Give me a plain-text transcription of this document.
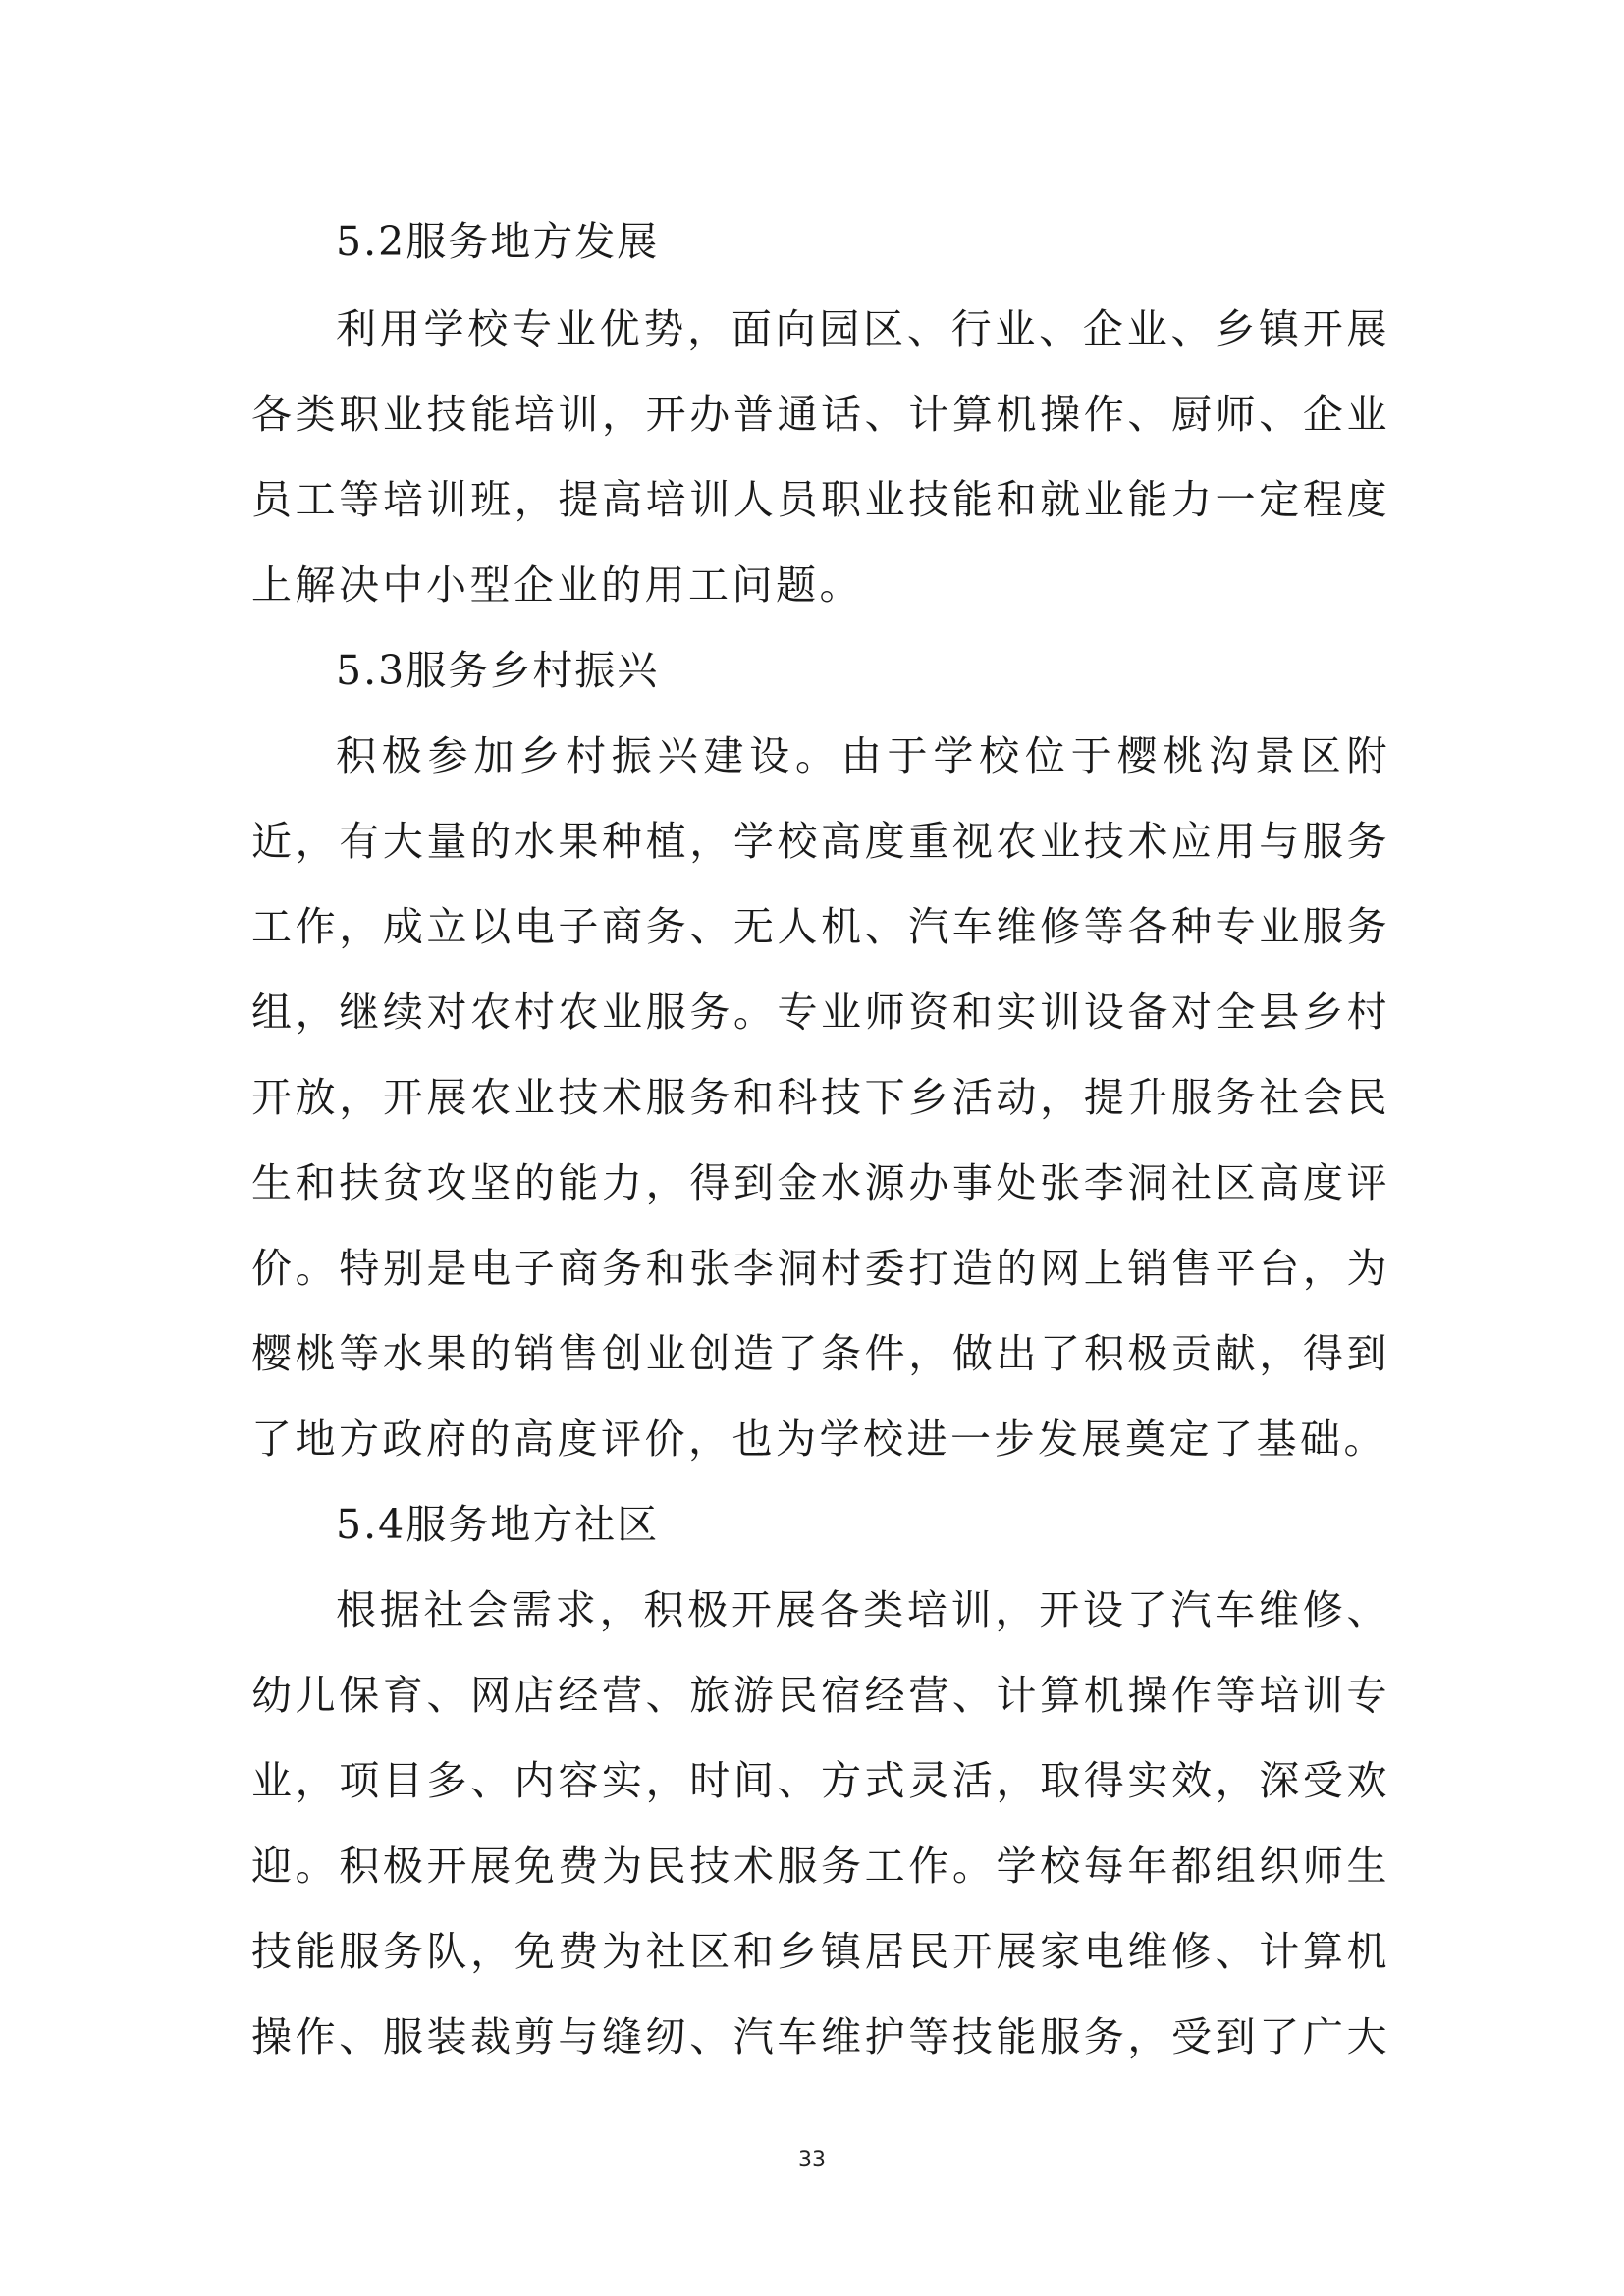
5.2服务地方发展
利用学校专业优势，面向园区、行业、企业、乡镇开展
各类职业技能培训，开办普通话、计算机操作、厨师、企业
员工等培训班，提高培训人员职业技能和就业能力一定程度
上解决中小型企业的用工问题。
5.3服务乡村振兴
积极参加乡村振兴建设。由于学校位于樱桃沟景区附
近，有大量的水果种植，学校高度重视农业技术应用与服务
工作，成立以电子商务、无人机、汽车维修等各种专业服务
组，继续对农村农业服务。专业师资和实训设备对全县乡村
开放，开展农业技术服务和科技下乡活动，提升服务社会民
生和扶贫攻坚的能力，得到金水源办事处张李洞社区高度评
价。特别是电子商务和张李洞村委打造的网上销售平台，为
樱桃等水果的销售创业创造了条件，做出了积极贡献，得到
了地方政府的高度评价，也为学校进一步发展奠定了基础。
5.4服务地方社区
根据社会需求，积极开展各类培训，开设了汽车维修、
幼儿保育、网店经营、旅游民宿经营、计算机操作等培训专
业，项目多、内容实，时间、方式灵活，取得实效，深受欢
迎。积极开展免费为民技术服务工作。学校每年都组织师生
技能服务队，免费为社区和乡镇居民开展家电维修、计算机
操作、服装裁剪与缝纫、汽车维护等技能服务，受到了广大
33
